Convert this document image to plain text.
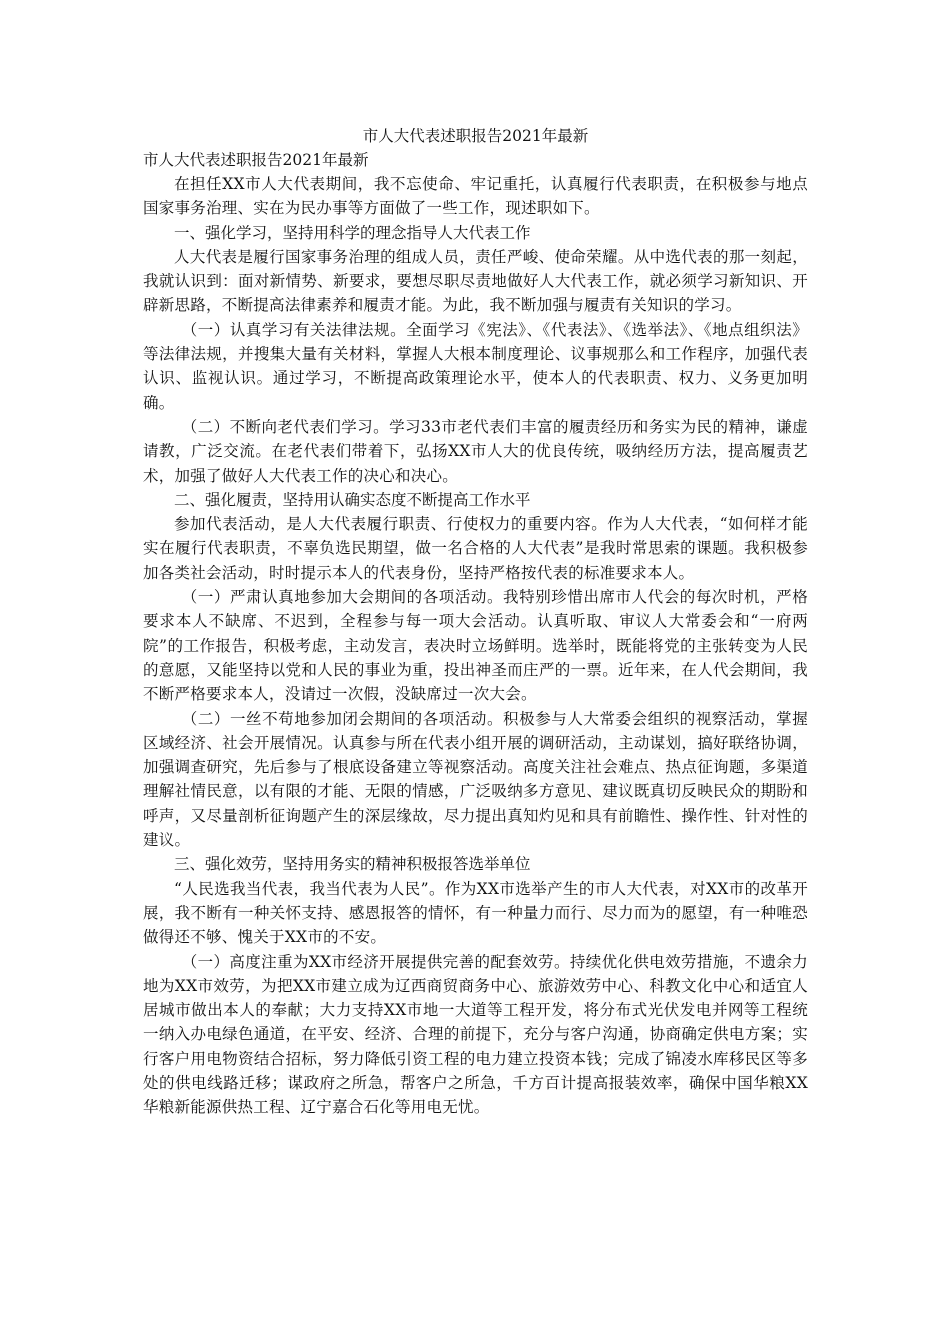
市人大代表述职报告2021年最新
市人大代表述职报告2021年最新

在担任XX市人大代表期间，我不忘使命、牢记重托，认真履行代表职责，在积极参与地点国家事务治理、实在为民办事等方面做了一些工作，现述职如下。

一、强化学习，坚持用科学的理念指导人大代表工作

人大代表是履行国家事务治理的组成人员，责任严峻、使命荣耀。从中选代表的那一刻起，我就认识到：面对新情势、新要求，要想尽职尽责地做好人大代表工作，就必须学习新知识、开辟新思路，不断提高法律素养和履责才能。为此，我不断加强与履责有关知识的学习。

（一）认真学习有关法律法规。全面学习《宪法》、《代表法》、《选举法》、《地点组织法》等法律法规，并搜集大量有关材料，掌握人大根本制度理论、议事规那么和工作程序，加强代表认识、监视认识。通过学习，不断提高政策理论水平，使本人的代表职责、权力、义务更加明确。

（二）不断向老代表们学习。学习33市老代表们丰富的履责经历和务实为民的精神，谦虚请教，广泛交流。在老代表们带着下，弘扬XX市人大的优良传统，吸纳经历方法，提高履责艺术，加强了做好人大代表工作的决心和决心。

二、强化履责，坚持用认确实态度不断提高工作水平

参加代表活动，是人大代表履行职责、行使权力的重要内容。作为人大代表，“如何样才能实在履行代表职责，不辜负选民期望，做一名合格的人大代表”是我时常思索的课题。我积极参加各类社会活动，时时提示本人的代表身份，坚持严格按代表的标准要求本人。

（一）严肃认真地参加大会期间的各项活动。我特别珍惜出席市人代会的每次时机，严格要求本人不缺席、不迟到，全程参与每一项大会活动。认真听取、审议人大常委会和“一府两院”的工作报告，积极考虑，主动发言，表决时立场鲜明。选举时，既能将党的主张转变为人民的意愿，又能坚持以党和人民的事业为重，投出神圣而庄严的一票。近年来，在人代会期间，我不断严格要求本人，没请过一次假，没缺席过一次大会。

（二）一丝不苟地参加闭会期间的各项活动。积极参与人大常委会组织的视察活动，掌握区域经济、社会开展情况。认真参与所在代表小组开展的调研活动，主动谋划，搞好联络协调，加强调查研究，先后参与了根底设备建立等视察活动。高度关注社会难点、热点征询题，多渠道理解社情民意，以有限的才能、无限的情感，广泛吸纳多方意见、建议既真切反映民众的期盼和呼声，又尽量剖析征询题产生的深层缘故，尽力提出真知灼见和具有前瞻性、操作性、针对性的建议。

三、强化效劳，坚持用务实的精神积极报答选举单位

“人民选我当代表，我当代表为人民”。作为XX市选举产生的市人大代表，对XX市的改革开展，我不断有一种关怀支持、感恩报答的情怀，有一种量力而行、尽力而为的愿望，有一种唯恐做得还不够、愧关于XX市的不安。

（一）高度注重为XX市经济开展提供完善的配套效劳。持续优化供电效劳措施，不遗余力地为XX市效劳，为把XX市建立成为辽西商贸商务中心、旅游效劳中心、科教文化中心和适宜人居城市做出本人的奉献；大力支持XX市地一大道等工程开发，将分布式光伏发电并网等工程统一纳入办电绿色通道，在平安、经济、合理的前提下，充分与客户沟通，协商确定供电方案；实行客户用电物资结合招标，努力降低引资工程的电力建立投资本钱；完成了锦凌水库移民区等多处的供电线路迁移；谋政府之所急，帮客户之所急，千方百计提高报装效率，确保中国华粮XX华粮新能源供热工程、辽宁嘉合石化等用电无忧。
